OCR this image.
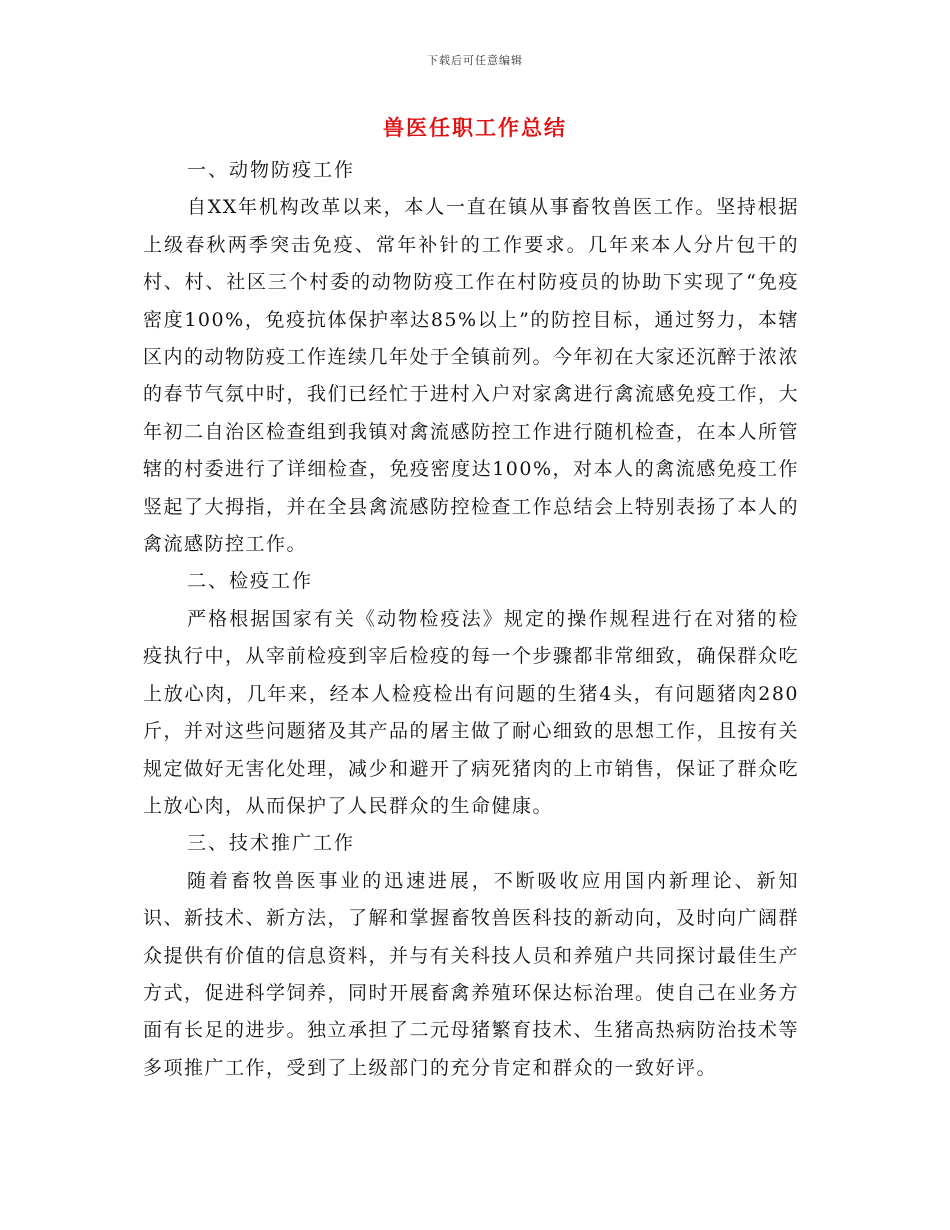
下载后可任意编辑
兽医任职工作总结

一、动物防疫工作

自XX年机构改革以来，本人一直在镇从事畜牧兽医工作。坚持根据上级春秋两季突击免疫、常年补针的工作要求。几年来本人分片包干的村、村、社区三个村委的动物防疫工作在村防疫员的协助下实现了“免疫密度100%，免疫抗体保护率达85%以上”的防控目标，通过努力，本辖区内的动物防疫工作连续几年处于全镇前列。今年初在大家还沉醉于浓浓的春节气氛中时，我们已经忙于进村入户对家禽进行禽流感免疫工作，大年初二自治区检查组到我镇对禽流感防控工作进行随机检查，在本人所管辖的村委进行了详细检查，免疫密度达100%，对本人的禽流感免疫工作竖起了大拇指，并在全县禽流感防控检查工作总结会上特别表扬了本人的禽流感防控工作。

二、检疫工作

严格根据国家有关《动物检疫法》规定的操作规程进行在对猪的检疫执行中，从宰前检疫到宰后检疫的每一个步骤都非常细致，确保群众吃上放心肉，几年来，经本人检疫检出有问题的生猪4头，有问题猪肉280斤，并对这些问题猪及其产品的屠主做了耐心细致的思想工作，且按有关规定做好无害化处理，减少和避开了病死猪肉的上市销售，保证了群众吃上放心肉，从而保护了人民群众的生命健康。

三、技术推广工作

随着畜牧兽医事业的迅速进展，不断吸收应用国内新理论、新知识、新技术、新方法，了解和掌握畜牧兽医科技的新动向，及时向广阔群众提供有价值的信息资料，并与有关科技人员和养殖户共同探讨最佳生产方式，促进科学饲养，同时开展畜禽养殖环保达标治理。使自己在业务方面有长足的进步。独立承担了二元母猪繁育技术、生猪高热病防治技术等多项推广工作，受到了上级部门的充分肯定和群众的一致好评。
